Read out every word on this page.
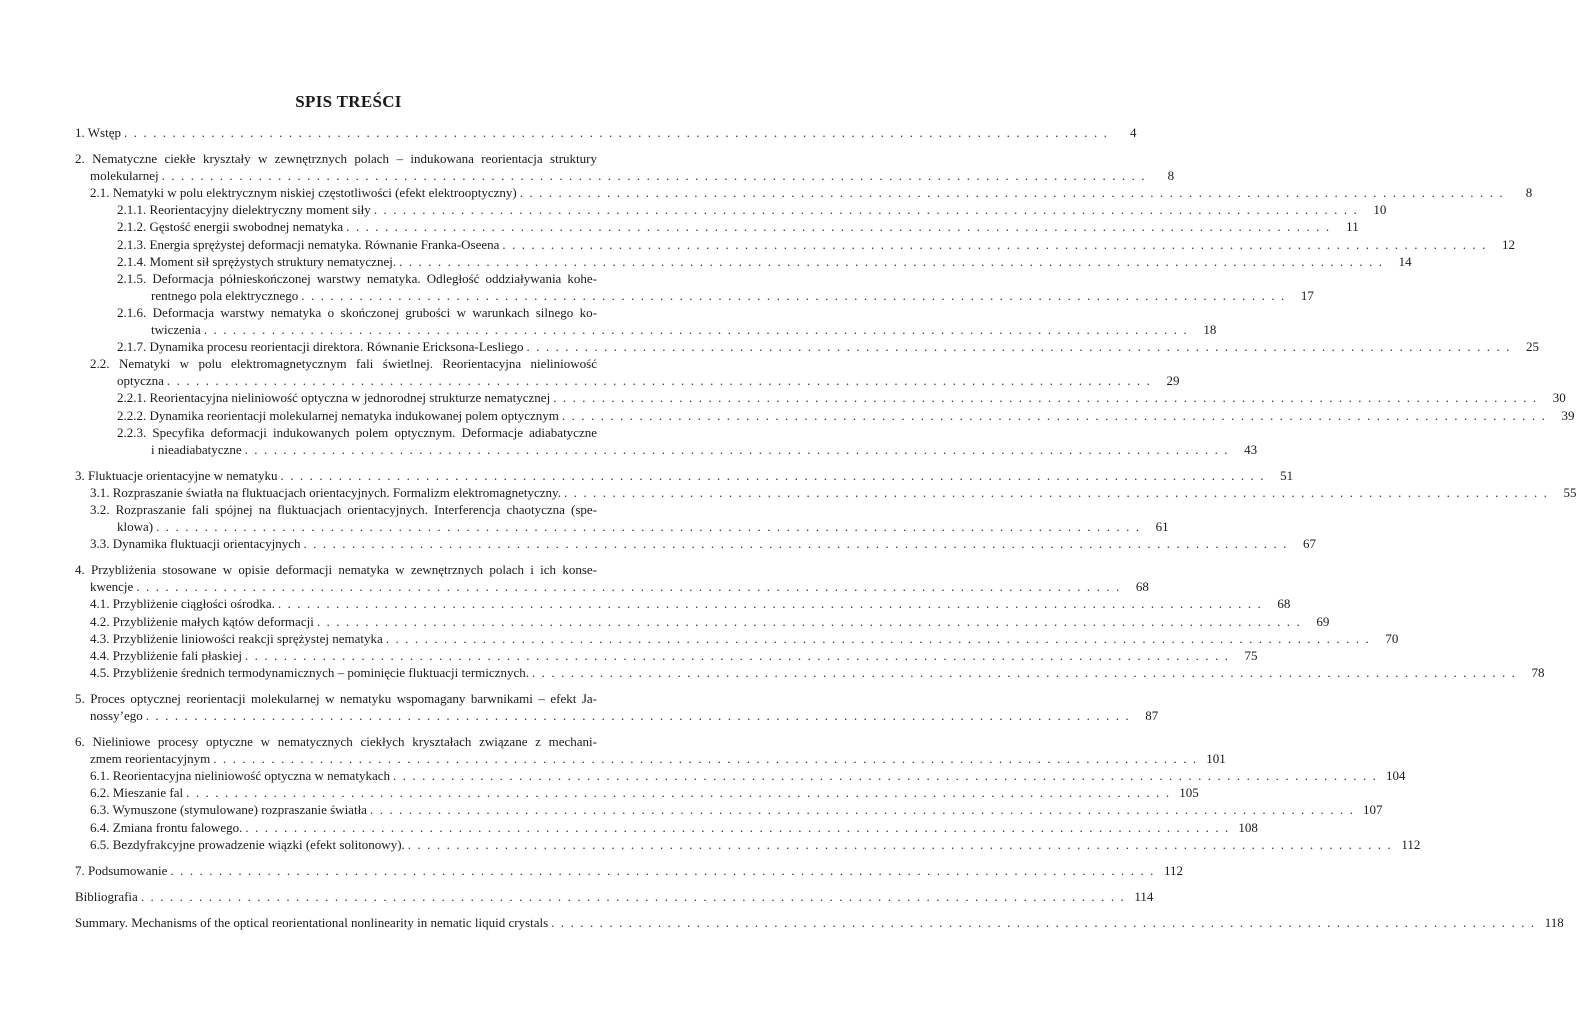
SPIS TREŚCI
1. Wstęp . . .	4
2. Nematyczne ciekłe kryształy w zewnętrznych polach – indukowana reorientacja struktury
molekularnej . . .	8
2.1. Nematyki w polu elektrycznym niskiej częstotliwości (efekt elektrooptyczny) . . .	8
2.1.1. Reorientacyjny dielektryczny moment siły . . .	10
2.1.2. Gęstość energii swobodnej nematyka . . .	11
2.1.3. Energia sprężystej deformacji nematyka. Równanie Franka-Oseena . . .	12
2.1.4. Moment sił sprężystych struktury nematycznej. . . .	14
2.1.5. Deformacja półnieskończonej warstwy nematyka. Odległość oddziaływania kohe-
rentnego pola elektrycznego . . .	17
2.1.6. Deformacja warstwy nematyka o skończonej grubości w warunkach silnego ko-
twiczenia . . .	18
2.1.7. Dynamika procesu reorientacji direktora. Równanie Ericksona-Lesliego . . .	25
2.2. Nematyki w polu elektromagnetycznym fali świetlnej. Reorientacyjna nieliniowość
optyczna . . .	29
2.2.1. Reorientacyjna nieliniowość optyczna w jednorodnej strukturze nematycznej . . .	30
2.2.2. Dynamika reorientacji molekularnej nematyka indukowanej polem optycznym . . .	39
2.2.3. Specyfika deformacji indukowanych polem optycznym. Deformacje adiabatyczne
i nieadiabatyczne . . .	43
3. Fluktuacje orientacyjne w nematyku . . .	51
3.1. Rozpraszanie światła na fluktuacjach orientacyjnych. Formalizm elektromagnetyczny. . . .	55
3.2. Rozpraszanie fali spójnej na fluktuacjach orientacyjnych. Interferencja chaotyczna (spe-
klowa) . . .	61
3.3. Dynamika fluktuacji orientacyjnych . . .	67
4. Przybliżenia stosowane w opisie deformacji nematyka w zewnętrznych polach i ich konse-
kwencje . . .	68
4.1. Przybliżenie ciągłości ośrodka. . . .	68
4.2. Przybliżenie małych kątów deformacji . . .	69
4.3. Przybliżenie liniowości reakcji sprężystej nematyka . . .	70
4.4. Przybliżenie fali płaskiej . . .	75
4.5. Przybliżenie średnich termodynamicznych – pominięcie fluktuacji termicznych. . . .	78
5. Proces optycznej reorientacji molekularnej w nematyku wspomagany barwnikami – efekt Ja-
nossy’ego . . .	87
6. Nieliniowe procesy optyczne w nematycznych ciekłych kryształach związane z mechani-
zmem reorientacyjnym . . .	101
6.1. Reorientacyjna nieliniowość optyczna w nematykach . . .	104
6.2. Mieszanie fal . . .	105
6.3. Wymuszone (stymulowane) rozpraszanie światła . . .	107
6.4. Zmiana frontu falowego. . . .	108
6.5. Bezdyfrakcyjne prowadzenie wiązki (efekt solitonowy). . . .	112
7. Podsumowanie . . .	112
Bibliografia . . .	114
Summary. Mechanisms of the optical reorientational nonlinearity in nematic liquid crystals . . .	118
